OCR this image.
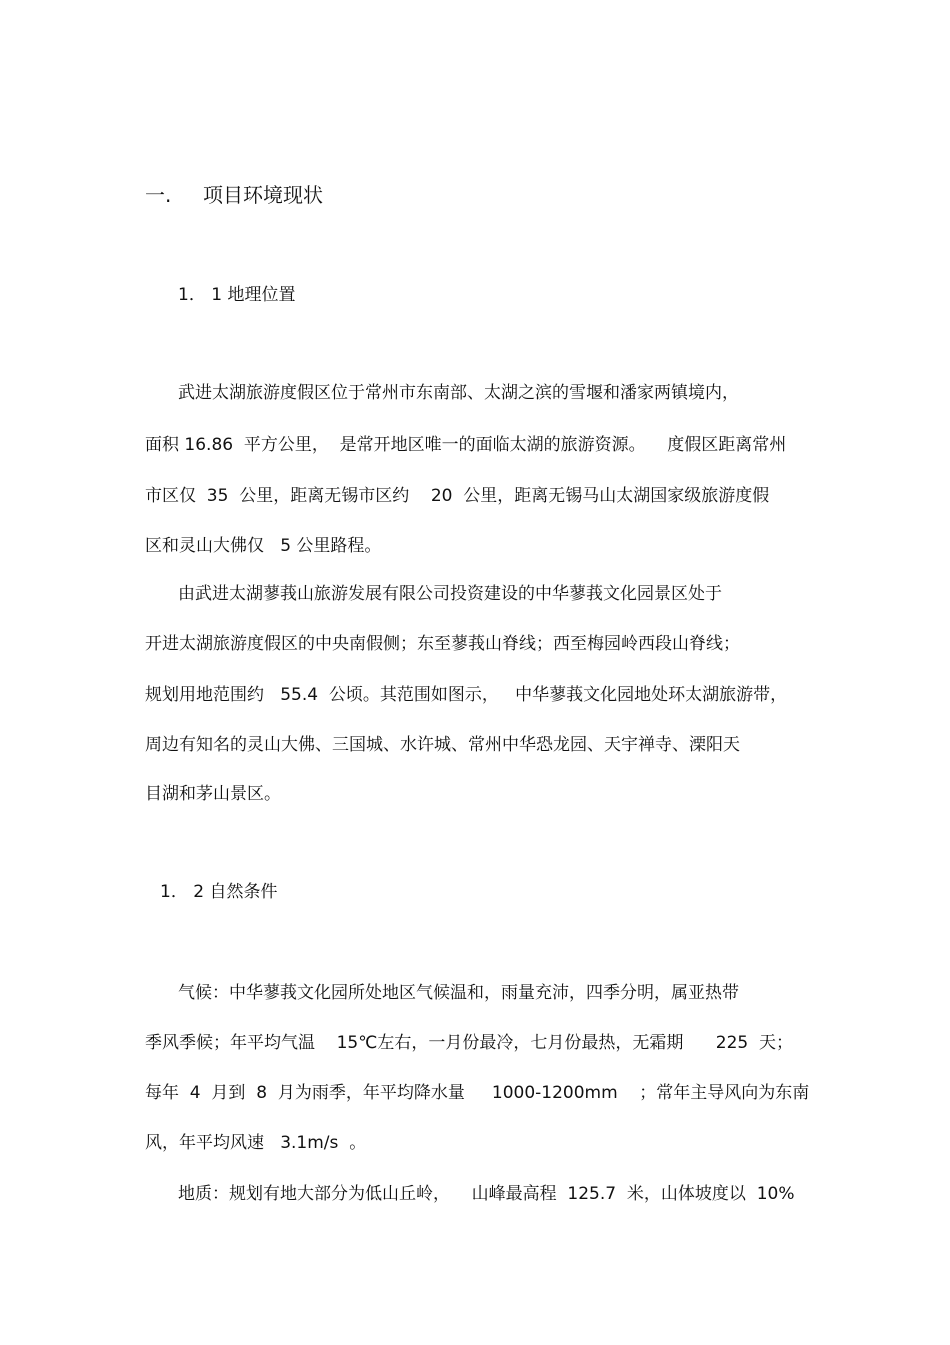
一.

项目环境现状

1． 1 地理位置
武进太湖旅游度假区位于常州市东南部、太湖之滨的雪堰和潘家两镇境内，
面积 16.86  平方公里，  是常开地区唯一的面临太湖的旅游资源。    度假区距离常州
市区仅  35  公里，距离无锡市区约    20  公里，距离无锡马山太湖国家级旅游度假
区和灵山大佛仅   5 公里路程。
由武进太湖蓼莪山旅游发展有限公司投资建设的中华蓼莪文化园景区处于
开进太湖旅游度假区的中央南假侧；东至蓼莪山脊线；西至梅园岭西段山脊线；
规划用地范围约   55.4  公顷。其范围如图示，   中华蓼莪文化园地处环太湖旅游带，
周边有知名的灵山大佛、三国城、水许城、常州中华恐龙园、天宇禅寺、溧阳天
目湖和茅山景区。
1． 2 自然条件
气候：中华蓼莪文化园所处地区气候温和，雨量充沛，四季分明，属亚热带
季风季候；年平均气温    15℃左右，一月份最冷，七月份最热，无霜期      225  天；
每年  4  月到  8  月为雨季，年平均降水量     1000-1200mm    ；常年主导风向为东南
风，年平均风速   3.1m/s  。
地质：规划有地大部分为低山丘岭，    山峰最高程  125.7  米，山体坡度以  10%
